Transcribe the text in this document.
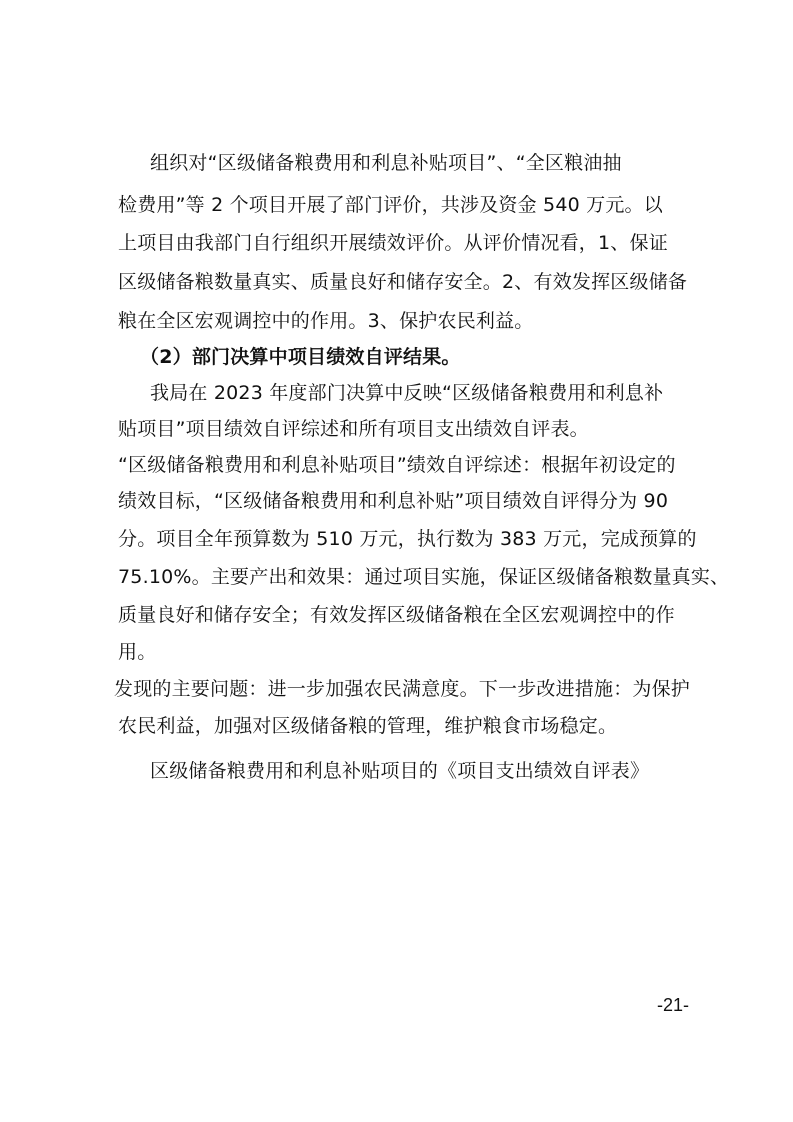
组织对“区级储备粮费用和利息补贴项目”、“全区粮油抽
检费用”等 2 个项目开展了部门评价，共涉及资金 540 万元。以
上项目由我部门自行组织开展绩效评价。从评价情况看，1、保证
区级储备粮数量真实、质量良好和储存安全。2、有效发挥区级储备
粮在全区宏观调控中的作用。3、保护农民利益。
（2）部门决算中项目绩效自评结果。
我局在 2023 年度部门决算中反映“区级储备粮费用和利息补
贴项目”项目绩效自评综述和所有项目支出绩效自评表。
“区级储备粮费用和利息补贴项目”绩效自评综述：根据年初设定的
绩效目标，“区级储备粮费用和利息补贴”项目绩效自评得分为 90
分。项目全年预算数为 510 万元，执行数为 383 万元，完成预算的
75.10%。主要产出和效果：通过项目实施，保证区级储备粮数量真实、
质量良好和储存安全；有效发挥区级储备粮在全区宏观调控中的作
用。
发现的主要问题：进一步加强农民满意度。下一步改进措施：为保护
农民利益，加强对区级储备粮的管理，维护粮食市场稳定。
区级储备粮费用和利息补贴项目的《项目支出绩效自评表》
-21-
